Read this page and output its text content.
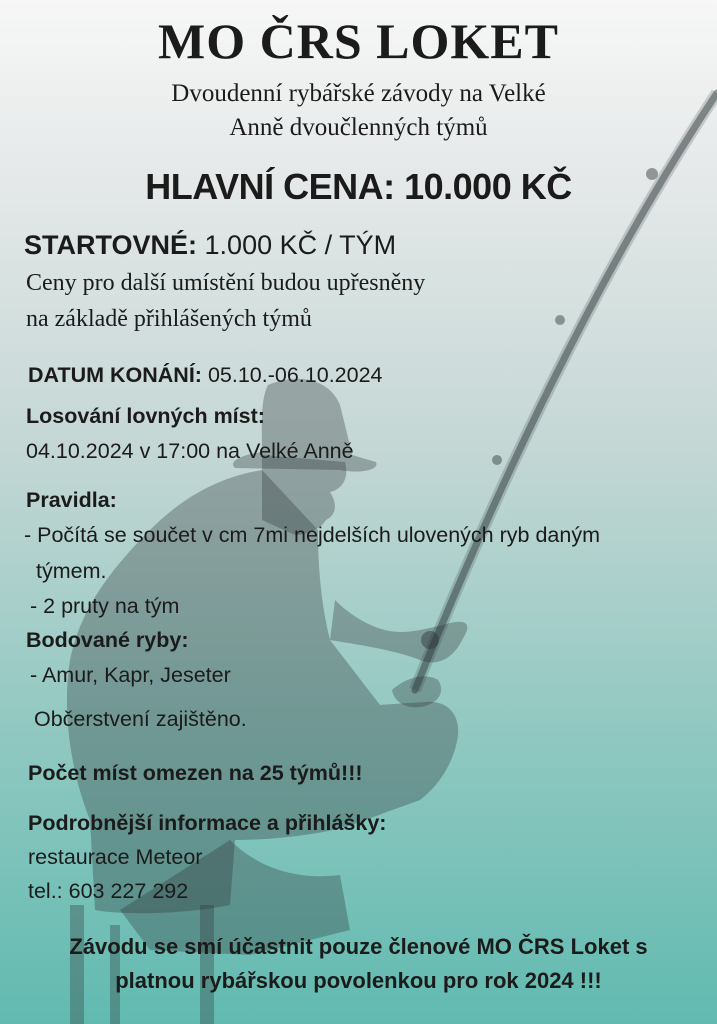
MO ČRS LOKET

Dvoudenní rybářské závody na Velké

Anně dvoučlenných týmů

HLAVNÍ CENA: 10.000 KČ

STARTOVNÉ: 1.000 KČ / TÝM

Ceny pro další umístění budou upřesněny

na základě přihlášených týmů

DATUM KONÁNÍ: 05.10.-06.10.2024

Losování lovných míst:

04.10.2024 v 17:00 na Velké Anně

Pravidla:

- Počítá se součet v cm 7mi nejdelších ulovených ryb daným

týmem.

- 2 pruty na tým

Bodované ryby:

- Amur, Kapr, Jeseter

Občerstvení zajištěno.

Počet míst omezen na 25 týmů!!!

Podrobnější informace a přihlášky:

restaurace Meteor

tel.: 603 227 292

Závodu se smí účastnit pouze členové MO ČRS Loket s

platnou rybářskou povolenkou pro rok 2024 !!!
